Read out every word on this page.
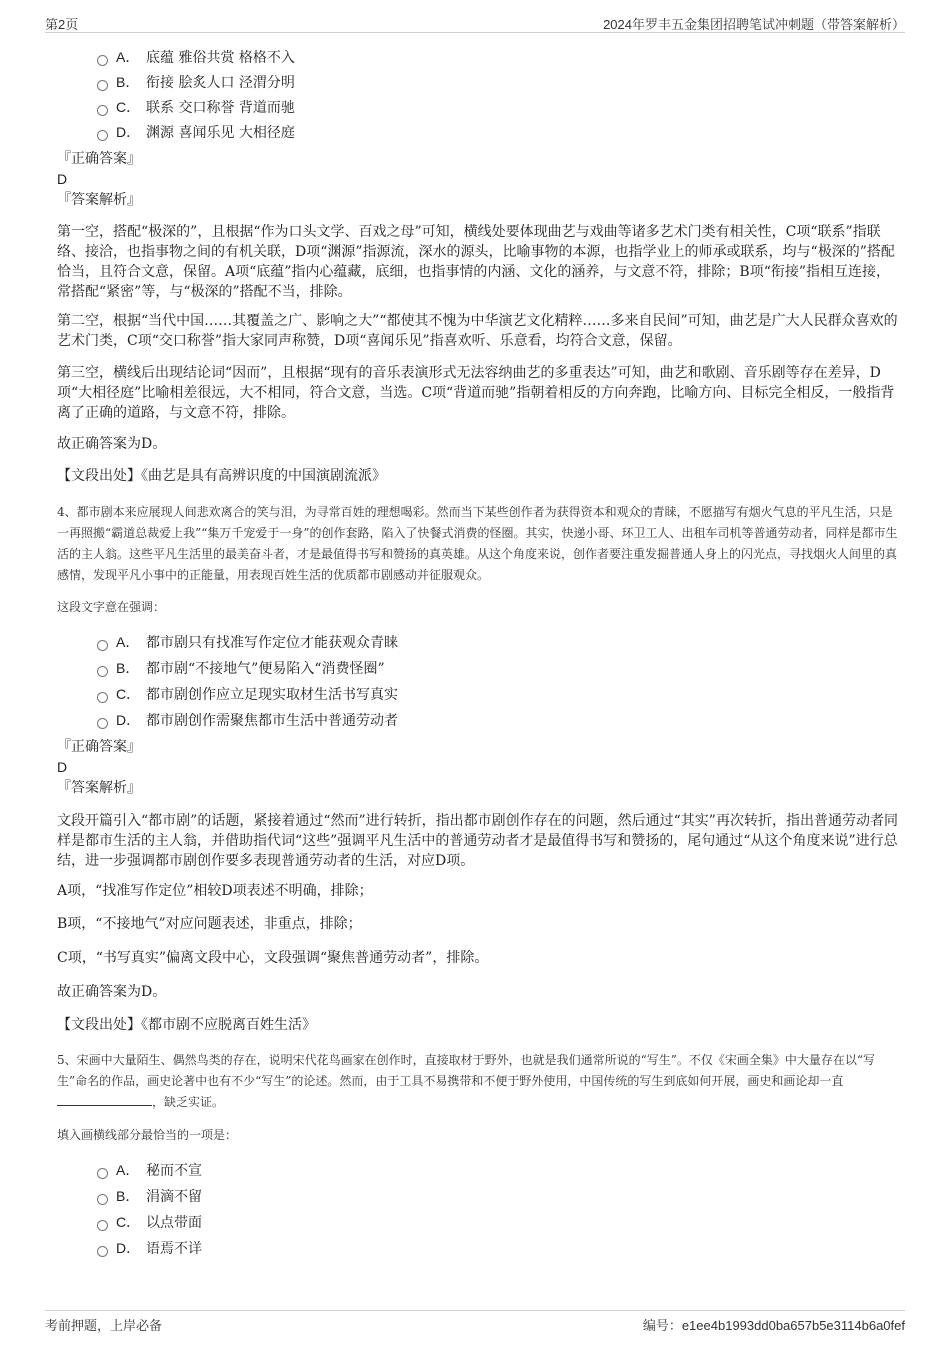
第2页	2024年罗丰五金集团招聘笔试冲刺题（带答案解析）
A． 底蕴 雅俗共赏 格格不入
B． 衔接 脍炙人口 泾渭分明
C． 联系 交口称誉 背道而驰
D． 渊源 喜闻乐见 大相径庭
『正确答案』
D
『答案解析』

第一空，搭配“极深的”，且根据“作为口头文学、百戏之母”可知，横线处要体现曲艺与戏曲等诸多艺术门类有相关性，C项“联系”指联络、接洽，也指事物之间的有机关联，D项“渊源”指源流，深水的源头，比喻事物的本源，也指学业上的师承或联系，均与“极深的”搭配恰当，且符合文意，保留。A项“底蕴”指内心蕴藏，底细，也指事情的内涵、文化的涵养，与文意不符，排除；B项“衔接”指相互连接，常搭配“紧密”等，与“极深的”搭配不当，排除。

第二空，根据“当代中国……其覆盖之广、影响之大”“都使其不愧为中华演艺文化精粹……多来自民间”可知，曲艺是广大人民群众喜欢的艺术门类，C项“交口称誉”指大家同声称赞，D项“喜闻乐见”指喜欢听、乐意看，均符合文意，保留。

第三空，横线后出现结论词“因而”，且根据“现有的音乐表演形式无法容纳曲艺的多重表达”可知，曲艺和歌剧、音乐剧等存在差异，D项“大相径庭”比喻相差很远，大不相同，符合文意，当选。C项“背道而驰”指朝着相反的方向奔跑，比喻方向、目标完全相反，一般指背离了正确的道路，与文意不符，排除。

故正确答案为D。

【文段出处】《曲艺是具有高辨识度的中国演剧流派》

4、都市剧本来应展现人间悲欢离合的笑与泪，为寻常百姓的理想喝彩。然而当下某些创作者为获得资本和观众的青睐，不愿描写有烟火气息的平凡生活，只是一再照搬“霸道总裁爱上我”“集万千宠爱于一身”的创作套路，陷入了快餐式消费的怪圈。其实，快递小哥、环卫工人、出租车司机等普通劳动者，同样是都市生活的主人翁。这些平凡生活里的最美奋斗者，才是最值得书写和赞扬的真英雄。从这个角度来说，创作者要注重发掘普通人身上的闪光点，寻找烟火人间里的真感情，发现平凡小事中的正能量，用表现百姓生活的优质都市剧感动并征服观众。

这段文字意在强调：
A． 都市剧只有找准写作定位才能获观众青睐
B． 都市剧“不接地气”便易陷入“消费怪圈”
C． 都市剧创作应立足现实取材生活书写真实
D． 都市剧创作需聚焦都市生活中普通劳动者
『正确答案』
D
『答案解析』

文段开篇引入“都市剧”的话题，紧接着通过“然而”进行转折，指出都市剧创作存在的问题，然后通过“其实”再次转折，指出普通劳动者同样是都市生活的主人翁，并借助指代词“这些”强调平凡生活中的普通劳动者才是最值得书写和赞扬的，尾句通过“从这个角度来说”进行总结，进一步强调都市剧创作要多表现普通劳动者的生活，对应D项。

A项，“找准写作定位”相较D项表述不明确，排除；

B项，“不接地气”对应问题表述，非重点，排除；

C项，“书写真实”偏离文段中心，文段强调“聚焦普通劳动者”，排除。

故正确答案为D。

【文段出处】《都市剧不应脱离百姓生活》

5、宋画中大量陌生、偶然鸟类的存在，说明宋代花鸟画家在创作时，直接取材于野外，也就是我们通常所说的“写生”。不仅《宋画全集》中大量存在以“写生”命名的作品，画史论著中也有不少“写生”的论述。然而，由于工具不易携带和不便于野外使用，中国传统的写生到底如何开展，画史和画论却一直，缺乏实证。

填入画横线部分最恰当的一项是：
A． 秘而不宣
B． 涓滴不留
C． 以点带面
D． 语焉不详
考前押题，上岸必备	编号：e1ee4b1993dd0ba657b5e3114b6a0fef
